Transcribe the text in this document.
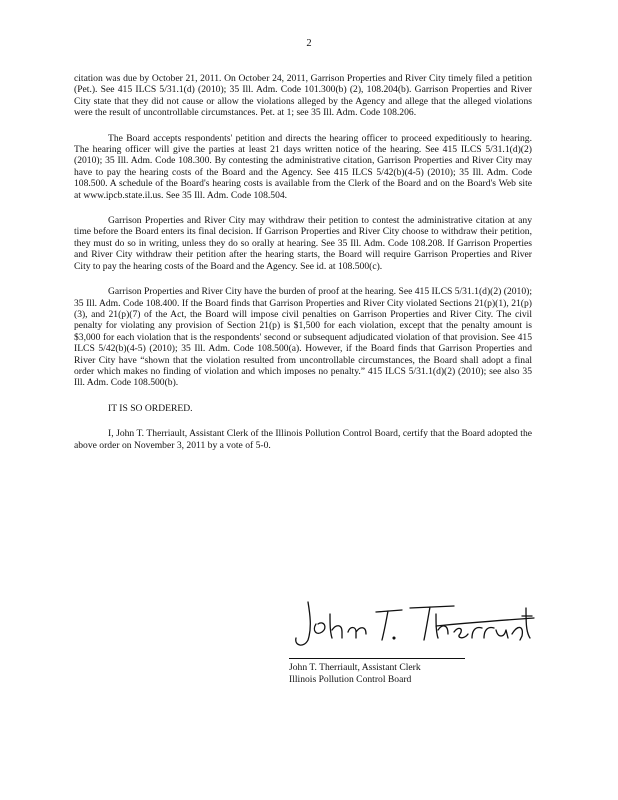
2

citation was due by October 21, 2011. On October 24, 2011, Garrison Properties and River City timely filed a petition (Pet.). See 415 ILCS 5/31.1(d) (2010); 35 Ill. Adm. Code 101.300(b) (2), 108.204(b). Garrison Properties and River City state that they did not cause or allow the violations alleged by the Agency and allege that the alleged violations were the result of uncontrollable circumstances. Pet. at 1; see 35 Ill. Adm. Code 108.206.

The Board accepts respondents' petition and directs the hearing officer to proceed expeditiously to hearing. The hearing officer will give the parties at least 21 days written notice of the hearing. See 415 ILCS 5/31.1(d)(2) (2010); 35 Ill. Adm. Code 108.300. By contesting the administrative citation, Garrison Properties and River City may have to pay the hearing costs of the Board and the Agency. See 415 ILCS 5/42(b)(4-5) (2010); 35 Ill. Adm. Code 108.500. A schedule of the Board's hearing costs is available from the Clerk of the Board and on the Board's Web site at www.ipcb.state.il.us. See 35 Ill. Adm. Code 108.504.

Garrison Properties and River City may withdraw their petition to contest the administrative citation at any time before the Board enters its final decision. If Garrison Properties and River City choose to withdraw their petition, they must do so in writing, unless they do so orally at hearing. See 35 Ill. Adm. Code 108.208. If Garrison Properties and River City withdraw their petition after the hearing starts, the Board will require Garrison Properties and River City to pay the hearing costs of the Board and the Agency. See id. at 108.500(c).

Garrison Properties and River City have the burden of proof at the hearing. See 415 ILCS 5/31.1(d)(2) (2010); 35 Ill. Adm. Code 108.400. If the Board finds that Garrison Properties and River City violated Sections 21(p)(1), 21(p)(3), and 21(p)(7) of the Act, the Board will impose civil penalties on Garrison Properties and River City. The civil penalty for violating any provision of Section 21(p) is $1,500 for each violation, except that the penalty amount is $3,000 for each violation that is the respondents' second or subsequent adjudicated violation of that provision. See 415 ILCS 5/42(b)(4-5) (2010); 35 Ill. Adm. Code 108.500(a). However, if the Board finds that Garrison Properties and River City have “shown that the violation resulted from uncontrollable circumstances, the Board shall adopt a final order which makes no finding of violation and which imposes no penalty.” 415 ILCS 5/31.1(d)(2) (2010); see also 35 Ill. Adm. Code 108.500(b).

IT IS SO ORDERED.

I, John T. Therriault, Assistant Clerk of the Illinois Pollution Control Board, certify that the Board adopted the above order on November 3, 2011 by a vote of 5-0.

John T. Therriault, Assistant Clerk
Illinois Pollution Control Board
